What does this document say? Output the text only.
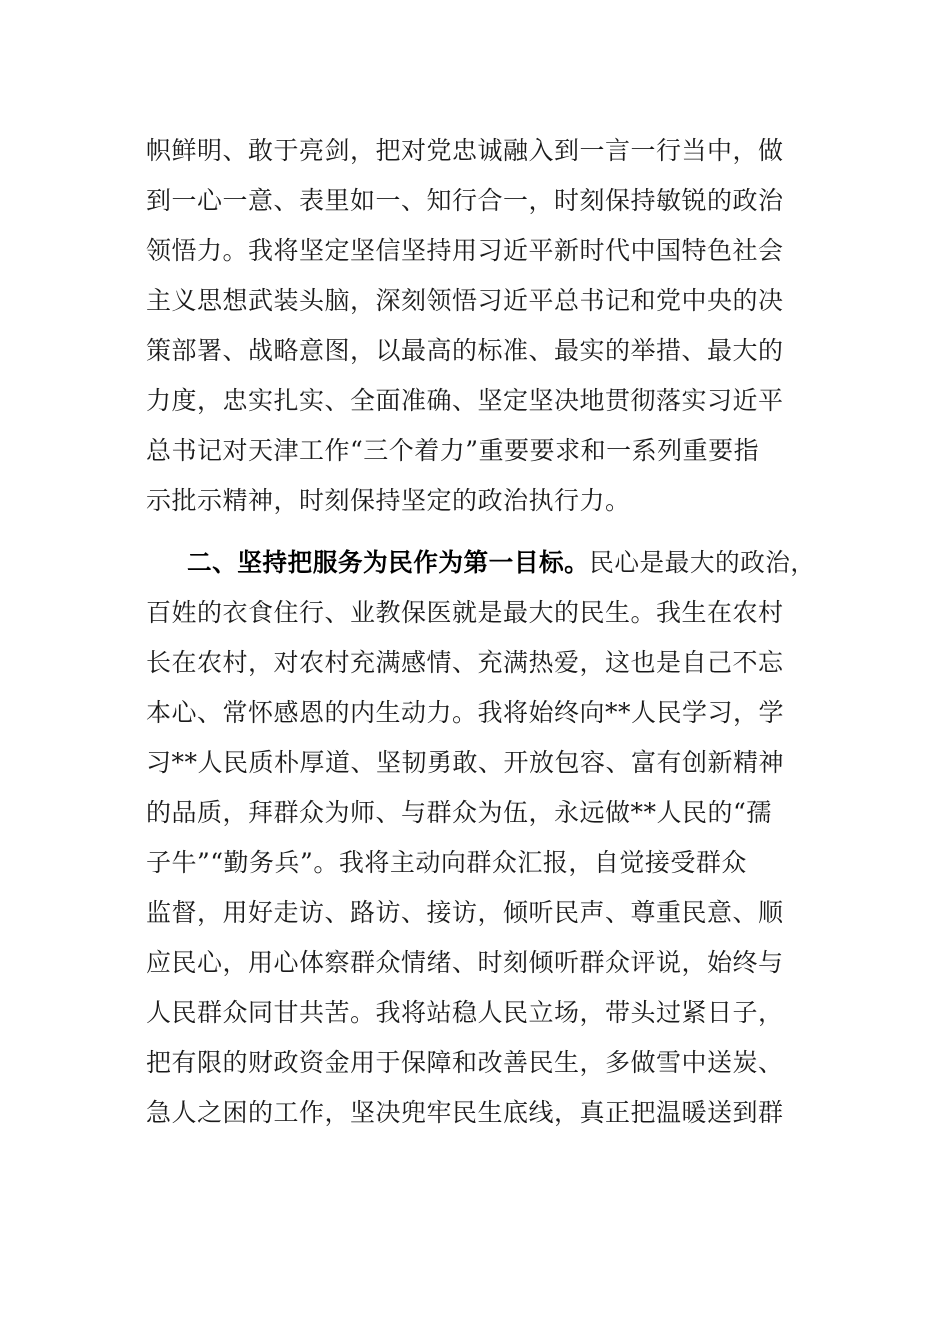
帜鲜明、敢于亮剑，把对党忠诚融入到一言一行当中，做
到一心一意、表里如一、知行合一，时刻保持敏锐的政治
领悟力。我将坚定坚信坚持用习近平新时代中国特色社会
主义思想武装头脑，深刻领悟习近平总书记和党中央的决
策部署、战略意图，以最高的标准、最实的举措、最大的
力度，忠实扎实、全面准确、坚定坚决地贯彻落实习近平
总书记对天津工作“三个着力”重要要求和一系列重要指
示批示精神，时刻保持坚定的政治执行力。
二、坚持把服务为民作为第一目标。民心是最大的政治，
百姓的衣食住行、业教保医就是最大的民生。我生在农村
长在农村，对农村充满感情、充满热爱，这也是自己不忘
本心、常怀感恩的内生动力。我将始终向**人民学习，学
习**人民质朴厚道、坚韧勇敢、开放包容、富有创新精神
的品质，拜群众为师、与群众为伍，永远做**人民的“孺
子牛”“勤务兵”。我将主动向群众汇报，自觉接受群众
监督，用好走访、路访、接访，倾听民声、尊重民意、顺
应民心，用心体察群众情绪、时刻倾听群众评说，始终与
人民群众同甘共苦。我将站稳人民立场，带头过紧日子，
把有限的财政资金用于保障和改善民生，多做雪中送炭、
急人之困的工作，坚决兜牢民生底线，真正把温暖送到群
